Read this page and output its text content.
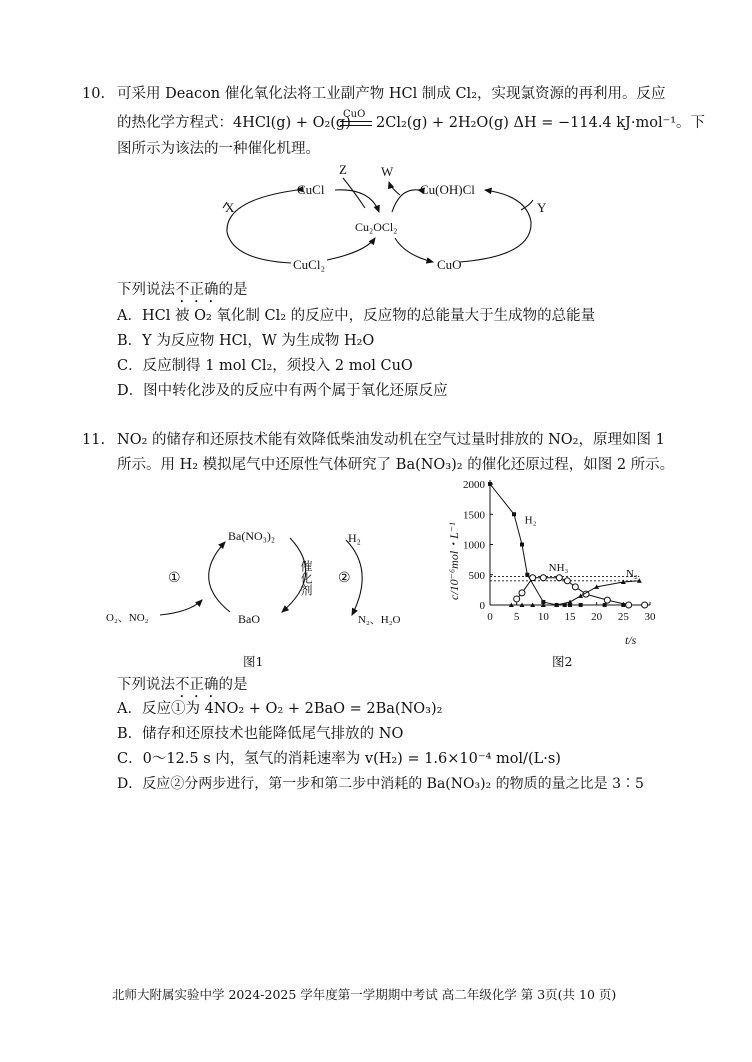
10. 可采用 Deacon 催化氧化法将工业副产物 HCl 制成 Cl₂，实现氯资源的再利用。反应
的热化学方程式：4HCl(g) + O₂(g)
CuO
2Cl₂(g) + 2H₂O(g) ΔH = −114.4 kJ·mol⁻¹。下
图所示为该法的一种催化机理。
CuCl	Cu(OH)Cl
Cu₂OCl₂
CuCl₂	CuO
X	Y
Z	W
下列说法不正确的是
A．HCl 被 O₂ 氧化制 Cl₂ 的反应中，反应物的总能量大于生成物的总能量
B．Y 为反应物 HCl，W 为生成物 H₂O
C．反应制得 1 mol Cl₂，须投入 2 mol CuO
D．图中转化涉及的反应中有两个属于氧化还原反应
11. NO₂ 的储存和还原技术能有效降低柴油发动机在空气过量时排放的 NO₂，原理如图 1
所示。用 H₂ 模拟尾气中还原性气体研究了 Ba(NO₃)₂ 的催化还原过程，如图 2 所示。
Ba(NO₃)₂
BaO
O₂、NO₂
H₂
N₂、H₂O
①	②
催化剂
图1
c/10⁻⁶mol・L⁻¹
t/s
0 5 10 15 20 25 30
0
500
1000
1500
2000
H₂
NH₃
N₂
图2
下列说法不正确的是
A．反应①为 4NO₂ + O₂ + 2BaO = 2Ba(NO₃)₂
B．储存和还原技术也能降低尾气排放的 NO
C．0～12.5 s 内，氢气的消耗速率为 v(H₂) = 1.6×10⁻⁴ mol/(L·s)
D．反应②分两步进行，第一步和第二步中消耗的 Ba(NO₃)₂ 的物质的量之比是 3∶5
北师大附属实验中学 2024-2025 学年度第一学期期中考试 高二年级化学 第 3页(共 10 页)
